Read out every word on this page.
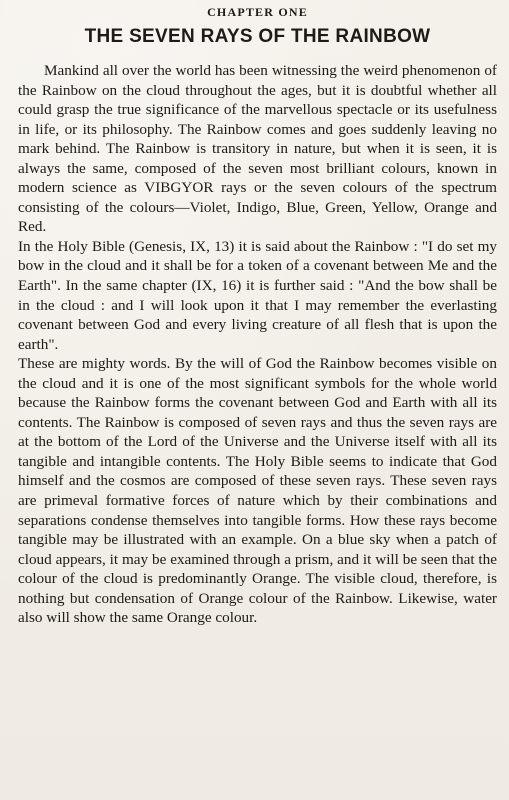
CHAPTER ONE
THE SEVEN RAYS OF THE RAINBOW

Mankind all over the world has been witnessing the weird phenomenon of the Rainbow on the cloud throughout the ages, but it is doubtful whether all could grasp the true significance of the marvellous spectacle or its usefulness in life, or its philosophy. The Rainbow comes and goes suddenly leaving no mark behind. The Rainbow is transitory in nature, but when it is seen, it is always the same, composed of the seven most brilliant colours, known in modern science as VIBGYOR rays or the seven colours of the spectrum consisting of the colours—Violet, Indigo, Blue, Green, Yellow, Orange and Red.

In the Holy Bible (Genesis, IX, 13) it is said about the Rainbow : "I do set my bow in the cloud and it shall be for a token of a covenant between Me and the Earth". In the same chapter (IX, 16) it is further said : "And the bow shall be in the cloud : and I will look upon it that I may remember the everlasting covenant between God and every living creature of all flesh that is upon the earth".

These are mighty words. By the will of God the Rainbow becomes visible on the cloud and it is one of the most significant symbols for the whole world because the Rainbow forms the covenant between God and Earth with all its contents. The Rainbow is composed of seven rays and thus the seven rays are at the bottom of the Lord of the Universe and the Universe itself with all its tangible and intangible contents. The Holy Bible seems to indicate that God himself and the cosmos are composed of these seven rays. These seven rays are primeval formative forces of nature which by their combinations and separations condense themselves into tangible forms. How these rays become tangible may be illustrated with an example. On a blue sky when a patch of cloud appears, it may be examined through a prism, and it will be seen that the colour of the cloud is predominantly Orange. The visible cloud, therefore, is nothing but condensation of Orange colour of the Rainbow. Likewise, water also will show the same Orange colour.
